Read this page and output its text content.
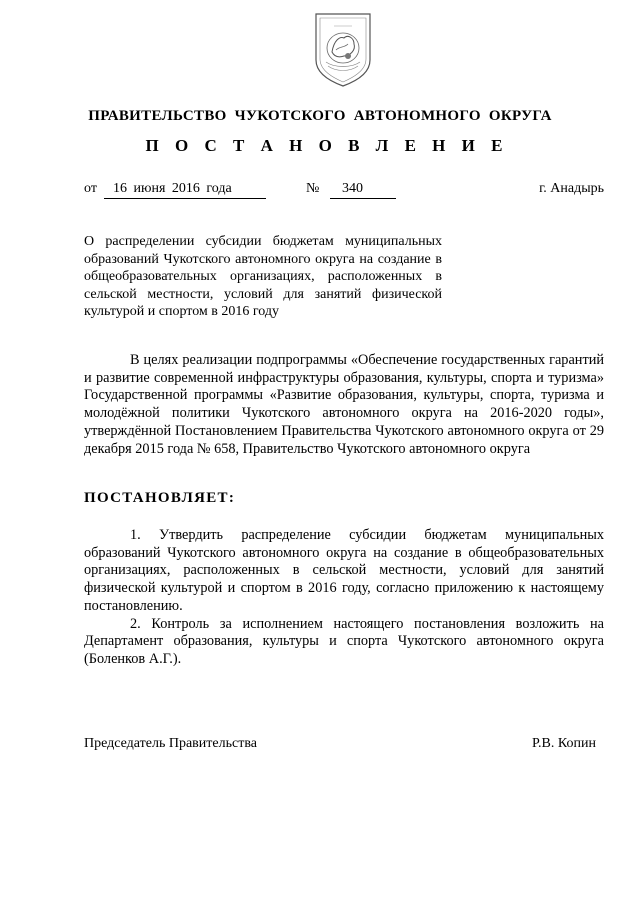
ПРАВИТЕЛЬСТВО ЧУКОТСКОГО АВТОНОМНОГО ОКРУГА
П О С Т А Н О В Л Е Н И Е
от	16 июня 2016 года	№	340	г. Анадырь
О распределении субсидии бюджетам муниципальных образований Чукотского автономного округа на создание в общеобразовательных организациях, расположенных в сельской местности, условий для занятий физической культурой и спортом в 2016 году
В целях реализации подпрограммы «Обеспечение государственных гарантий и развитие современной инфраструктуры образования, культуры, спорта и туризма» Государственной программы «Развитие образования, культуры, спорта, туризма и молодёжной политики Чукотского автономного округа на 2016-2020 годы», утверждённой Постановлением Правительства Чукотского автономного округа от 29 декабря 2015 года № 658, Правительство Чукотского автономного округа
ПОСТАНОВЛЯЕТ:

1. Утвердить распределение субсидии бюджетам муниципальных образований Чукотского автономного округа на создание в общеобразовательных организациях, расположенных в сельской местности, условий для занятий физической культурой и спортом в 2016 году, согласно приложению к настоящему постановлению.

2. Контроль за исполнением настоящего постановления возложить на Департамент образования, культуры и спорта Чукотского автономного округа (Боленков А.Г.).

Председатель Правительства	Р.В. Копин
